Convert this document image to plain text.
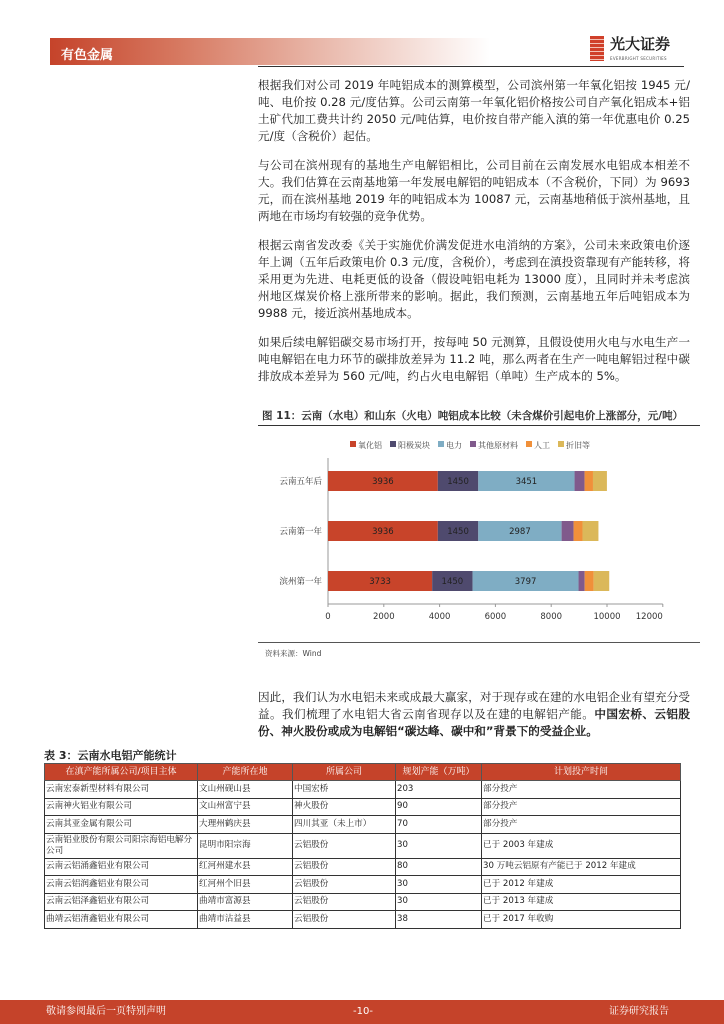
有色金属
光大证券
EVERBRIGHT SECURITIES
根据我们对公司 2019 年吨铝成本的测算模型，公司滨州第一年氧化铝按 1945 元/吨、电价按 0.28 元/度估算。公司云南第一年氧化铝价格按公司自产氧化铝成本+铝土矿代加工费共计约 2050 元/吨估算，电价按自带产能入滇的第一年优惠电价 0.25 元/度（含税价）起估。
与公司在滨州现有的基地生产电解铝相比，公司目前在云南发展水电铝成本相差不大。我们估算在云南基地第一年发展电解铝的吨铝成本（不含税价，下同）为 9693 元，而在滨州基地 2019 年的吨铝成本为 10087 元，云南基地稍低于滨州基地，且两地在市场均有较强的竞争优势。
根据云南省发改委《关于实施优价满发促进水电消纳的方案》，公司未来政策电价逐年上调（五年后政策电价 0.3 元/度，含税价），考虑到在滇投资靠现有产能转移，将采用更为先进、电耗更低的设备（假设吨铝电耗为 13000 度），且同时并未考虑滨州地区煤炭价格上涨所带来的影响。据此，我们预测，云南基地五年后吨铝成本为 9988 元，接近滨州基地成本。
如果后续电解铝碳交易市场打开，按每吨 50 元测算，且假设使用火电与水电生产一吨电解铝在电力环节的碳排放差异为 11.2 吨，那么两者在生产一吨电解铝过程中碳排放成本差异为 560 元/吨，约占火电电解铝（单吨）生产成本的 5%。
图 11：云南（水电）和山东（火电）吨铝成本比较（未含煤价引起电价上涨部分，元/吨）
氧化铝 阳极炭块 电力 其他原材料 人工 折旧等
0	2000	4000	6000	8000	10000 12000
云南五年后	3936	1450	3451
云南第一年	3936	1450	2987
滨州第一年	3733	1450	3797
资料来源：Wind
因此，我们认为水电铝未来或成最大赢家，对于现存或在建的水电铝企业有望充分受益。我们梳理了水电铝大省云南省现存以及在建的电解铝产能。中国宏桥、云铝股份、神火股份或成为电解铝“碳达峰、碳中和”背景下的受益企业。
表 3：云南水电铝产能统计
在滇产能所属公司/项目主体	产能所在地	所属公司	规划产能（万吨）	计划投产时间
云南宏泰新型材料有限公司	文山州砚山县	中国宏桥	203	部分投产
云南神火铝业有限公司	文山州富宁县	神火股份	90	部分投产
云南其亚金属有限公司	大理州鹤庆县	四川其亚（未上市）	70	部分投产
云南铝业股份有限公司阳宗海铝电解分公司	昆明市阳宗海	云铝股份	30	已于 2003 年建成
云南云铝涌鑫铝业有限公司	红河州建水县	云铝股份	80	30 万吨云铝原有产能已于 2012 年建成
云南云铝润鑫铝业有限公司	红河州个旧县	云铝股份	30	已于 2012 年建成
云南云铝泽鑫铝业有限公司	曲靖市富源县	云铝股份	30	已于 2013 年建成
曲靖云铝淯鑫铝业有限公司	曲靖市沾益县	云铝股份	38	已于 2017 年收购
敬请参阅最后一页特别声明	-10-	证券研究报告
